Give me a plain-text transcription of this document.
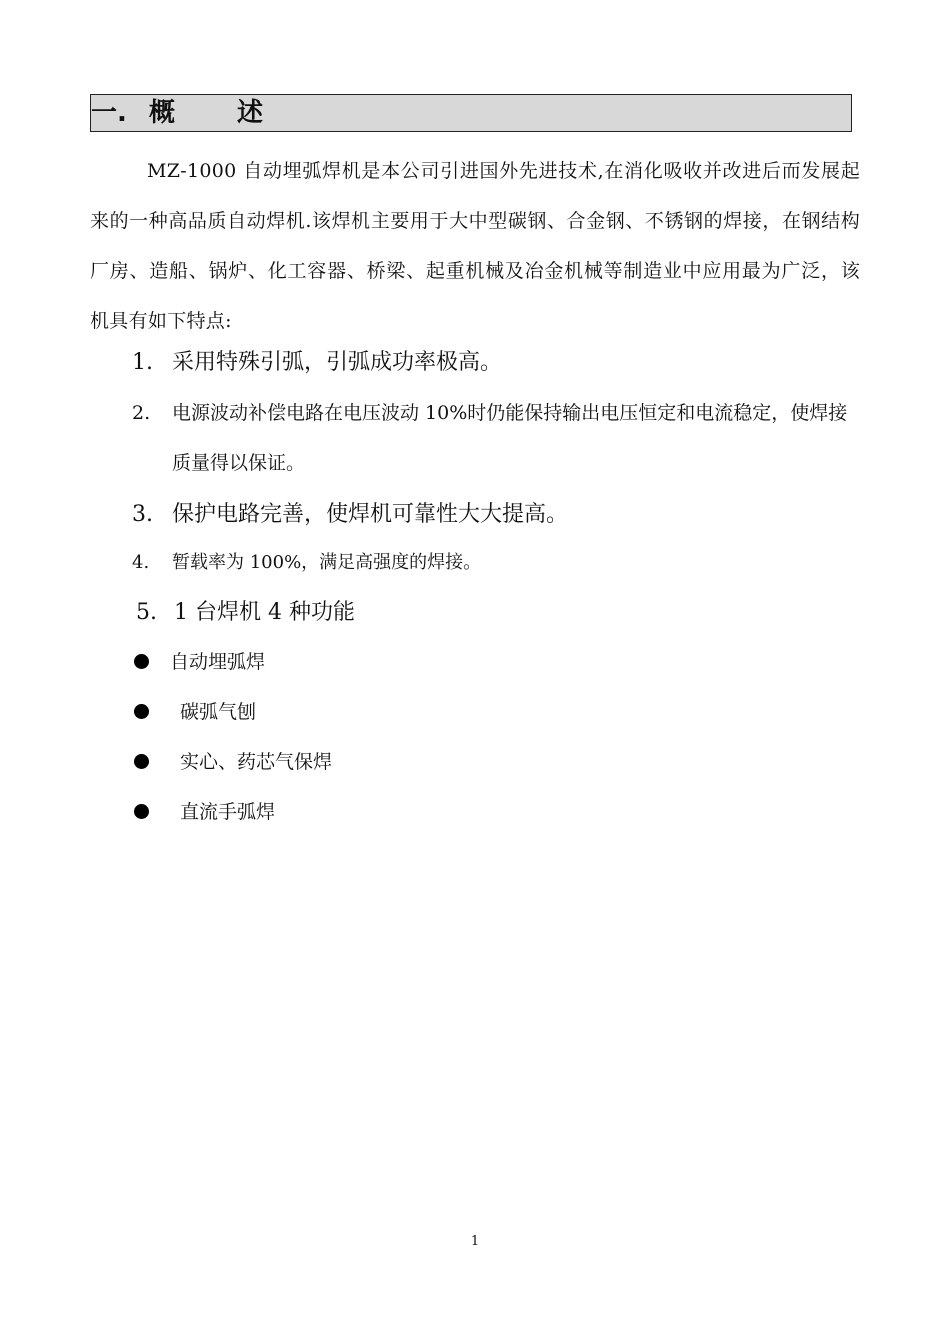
一. 概 述
MZ-1000 自动埋弧焊机是本公司引进国外先进技术,在消化吸收并改进后而发展起来的一种高品质自动焊机.该焊机主要用于大中型碳钢、合金钢、不锈钢的焊接，在钢结构厂房、造船、锅炉、化工容器、桥梁、起重机械及冶金机械等制造业中应用最为广泛，该机具有如下特点:
1. 采用特殊引弧，引弧成功率极高。
2. 电源波动补偿电路在电压波动 10%时仍能保持输出电压恒定和电流稳定，使焊接质量得以保证。
3. 保护电路完善，使焊机可靠性大大提高。
4. 暂载率为 100%，满足高强度的焊接。
5. 1 台焊机 4 种功能
自动埋弧焊
碳弧气刨
实心、药芯气保焊
直流手弧焊
1
